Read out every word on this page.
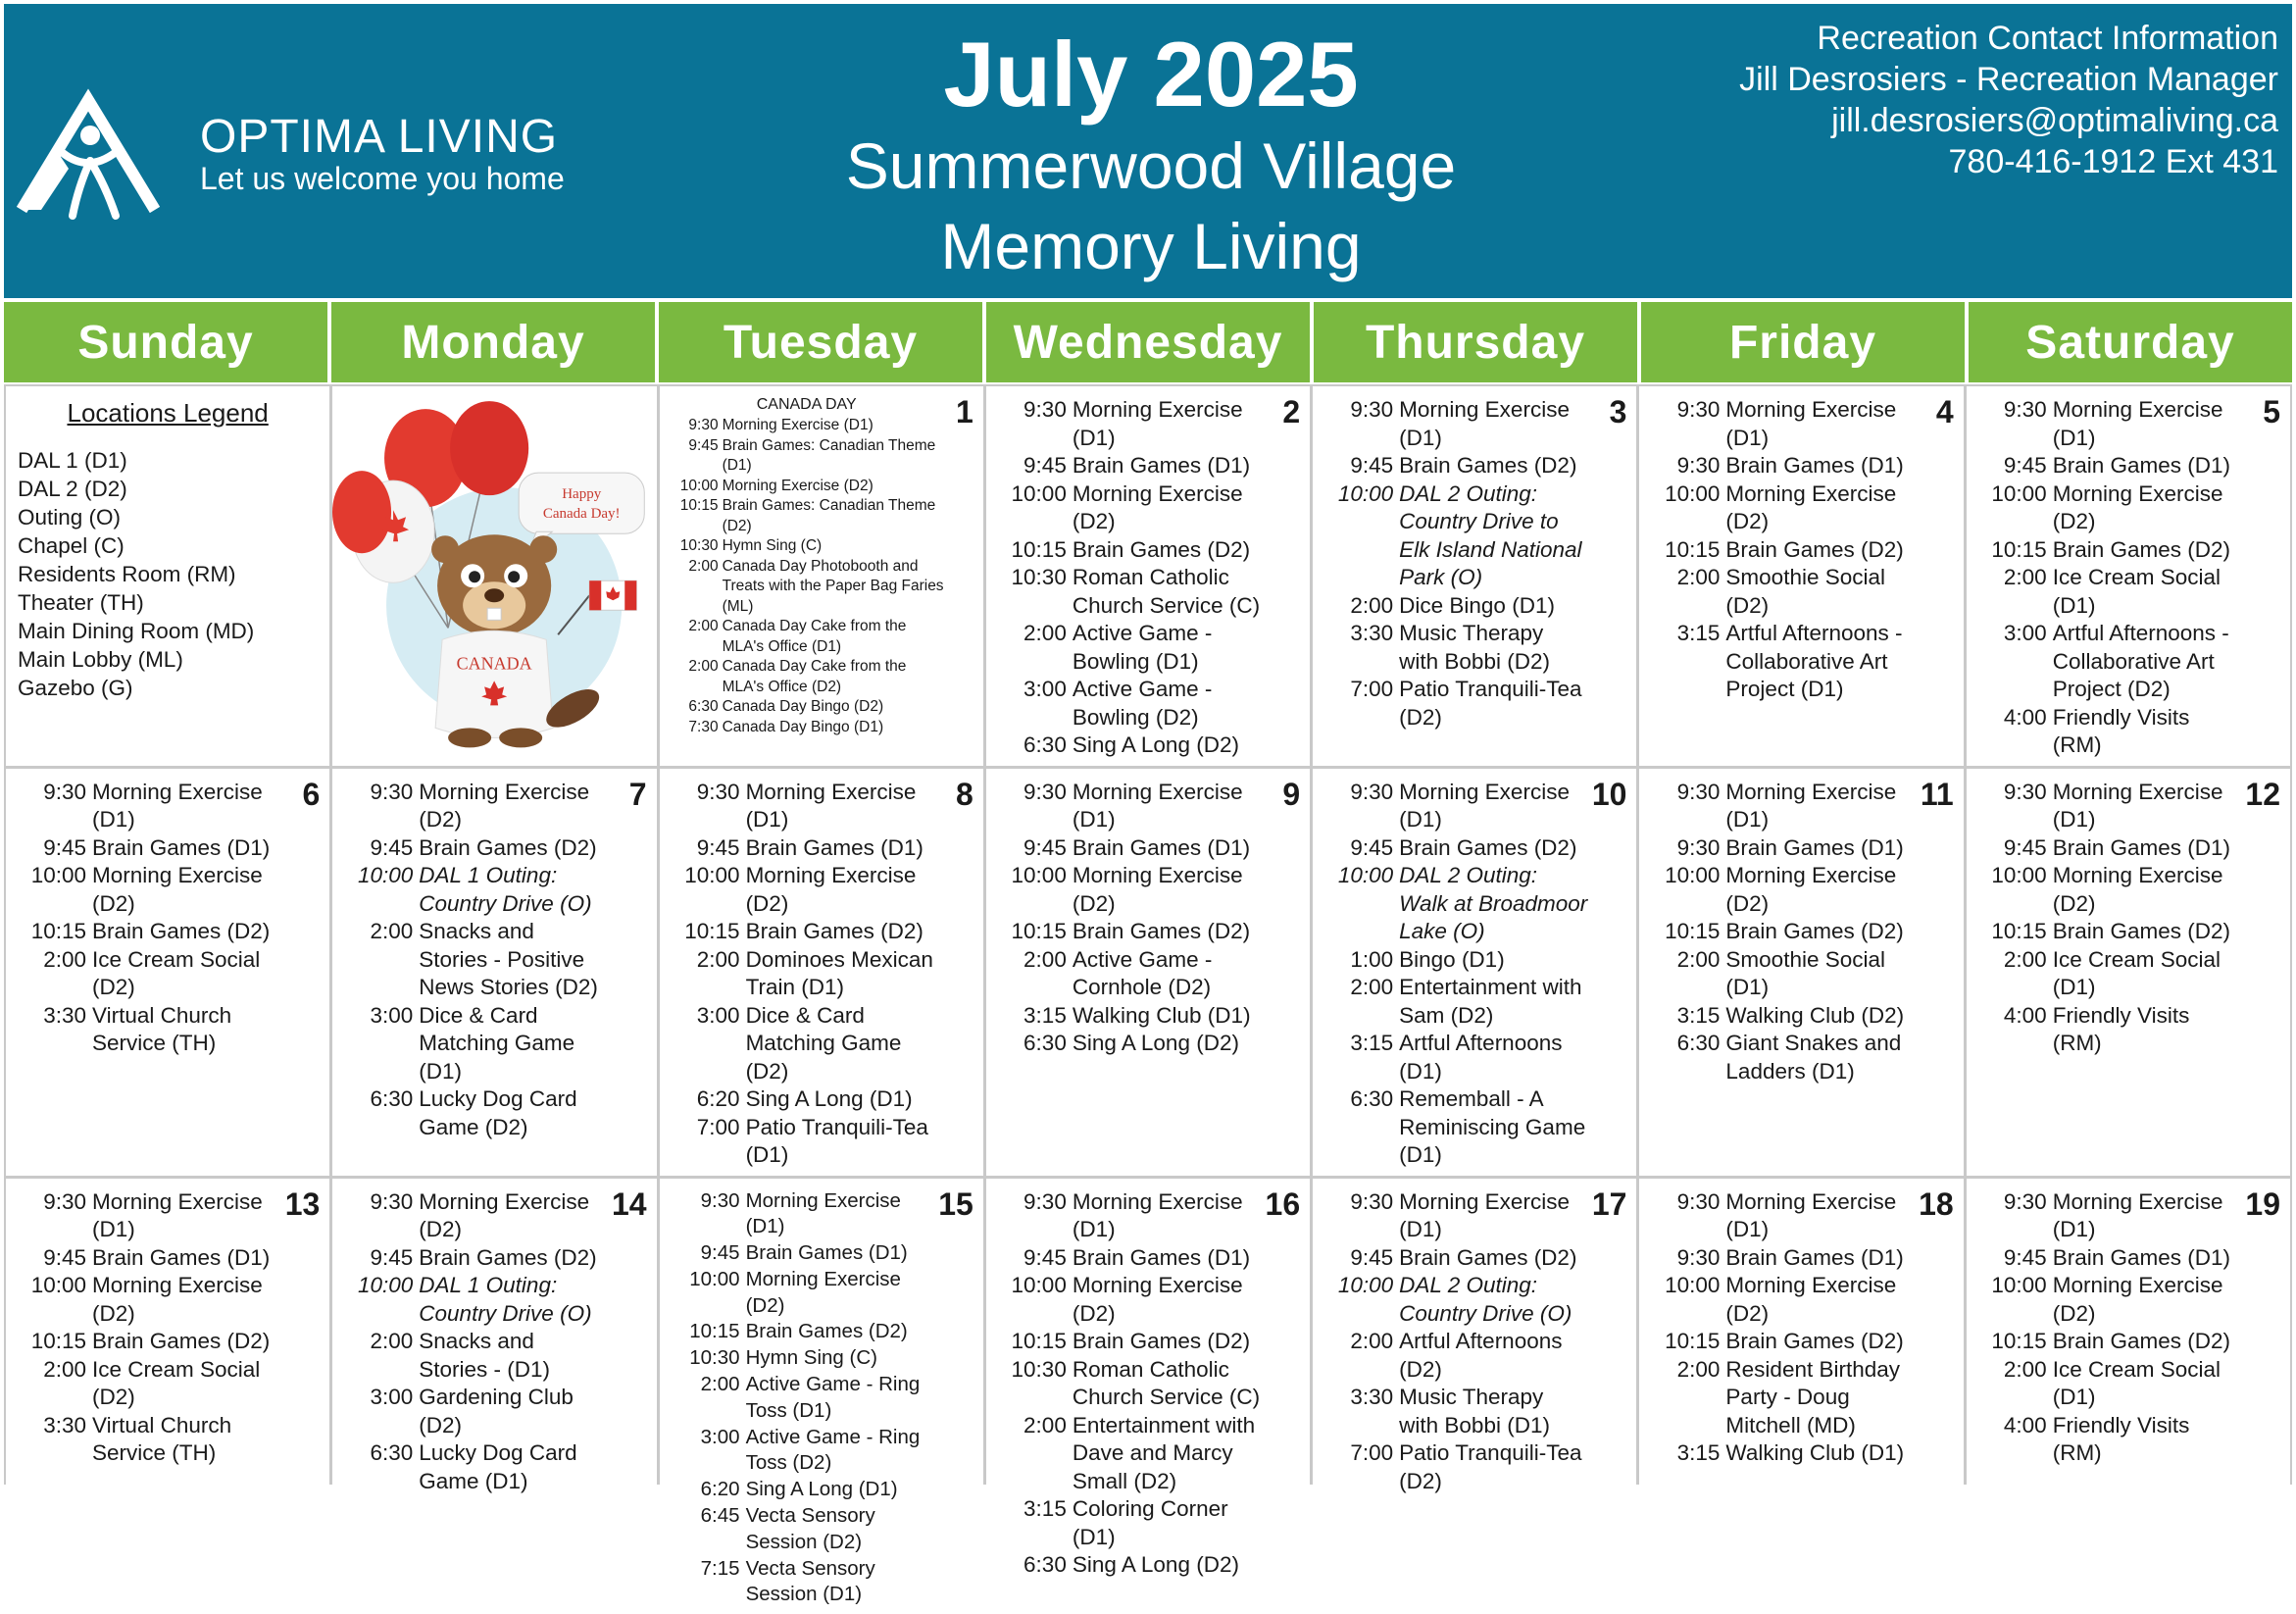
OPTIMA LIVING
Let us welcome you home
July 2025
Summerwood Village
Memory Living
Recreation Contact Information
Jill Desrosiers - Recreation Manager
jill.desrosiers@optimaliving.ca
780-416-1912 Ext 431
Sunday	Monday	Tuesday	Wednesday	Thursday	Friday	Saturday
Locations Legend
DAL 1 (D1)
DAL 2 (D2)
Outing (O)
Chapel (C)
Residents Room (RM)
Theater (TH)
Main Dining Room (MD)
Main Lobby (ML)
Gazebo (G)
Happy
Canada Day!
CANADA
1
CANADA DAY
9:30 Morning Exercise (D1)
9:45 Brain Games: Canadian Theme (D1)
10:00 Morning Exercise (D2)
10:15 Brain Games: Canadian Theme (D2)
10:30 Hymn Sing (C)
2:00 Canada Day Photobooth and Treats with the Paper Bag Faries (ML)
2:00 Canada Day Cake from the MLA's Office (D1)
2:00 Canada Day Cake from the MLA's Office (D2)
6:30 Canada Day Bingo (D2)
7:30 Canada Day Bingo (D1)
2
9:30 Morning Exercise (D1)
9:45 Brain Games (D1)
10:00 Morning Exercise (D2)
10:15 Brain Games (D2)
10:30 Roman Catholic Church Service (C)
2:00 Active Game - Bowling (D1)
3:00 Active Game - Bowling (D2)
6:30 Sing A Long (D2)
3
9:30 Morning Exercise (D1)
9:45 Brain Games (D2)
10:00 DAL 2 Outing: Country Drive to Elk Island National Park (O)
2:00 Dice Bingo (D1)
3:30 Music Therapy with Bobbi (D2)
7:00 Patio Tranquili-Tea (D2)
4
9:30 Morning Exercise (D1)
9:30 Brain Games (D1)
10:00 Morning Exercise (D2)
10:15 Brain Games (D2)
2:00 Smoothie Social (D2)
3:15 Artful Afternoons - Collaborative Art Project (D1)
5
9:30 Morning Exercise (D1)
9:45 Brain Games (D1)
10:00 Morning Exercise (D2)
10:15 Brain Games (D2)
2:00 Ice Cream Social (D1)
3:00 Artful Afternoons - Collaborative Art Project (D2)
4:00 Friendly Visits (RM)
6
9:30 Morning Exercise (D1)
9:45 Brain Games (D1)
10:00 Morning Exercise (D2)
10:15 Brain Games (D2)
2:00 Ice Cream Social (D2)
3:30 Virtual Church Service (TH)
7
9:30 Morning Exercise (D2)
9:45 Brain Games (D2)
10:00 DAL 1 Outing: Country Drive (O)
2:00 Snacks and Stories - Positive News Stories (D2)
3:00 Dice & Card Matching Game (D1)
6:30 Lucky Dog Card Game (D2)
8
9:30 Morning Exercise (D1)
9:45 Brain Games (D1)
10:00 Morning Exercise (D2)
10:15 Brain Games (D2)
2:00 Dominoes Mexican Train (D1)
3:00 Dice & Card Matching Game (D2)
6:20 Sing A Long (D1)
7:00 Patio Tranquili-Tea (D1)
9
9:30 Morning Exercise (D1)
9:45 Brain Games (D1)
10:00 Morning Exercise (D2)
10:15 Brain Games (D2)
2:00 Active Game - Cornhole (D2)
3:15 Walking Club (D1)
6:30 Sing A Long (D2)
10
9:30 Morning Exercise (D1)
9:45 Brain Games (D2)
10:00 DAL 2 Outing: Walk at Broadmoor Lake (O)
1:00 Bingo (D1)
2:00 Entertainment with Sam (D2)
3:15 Artful Afternoons (D1)
6:30 Rememball - A Reminiscing Game (D1)
11
9:30 Morning Exercise (D1)
9:30 Brain Games (D1)
10:00 Morning Exercise (D2)
10:15 Brain Games (D2)
2:00 Smoothie Social (D1)
3:15 Walking Club (D2)
6:30 Giant Snakes and Ladders (D1)
12
9:30 Morning Exercise (D1)
9:45 Brain Games (D1)
10:00 Morning Exercise (D2)
10:15 Brain Games (D2)
2:00 Ice Cream Social (D1)
4:00 Friendly Visits (RM)
13
9:30 Morning Exercise (D1)
9:45 Brain Games (D1)
10:00 Morning Exercise (D2)
10:15 Brain Games (D2)
2:00 Ice Cream Social (D2)
3:30 Virtual Church Service (TH)
14
9:30 Morning Exercise (D2)
9:45 Brain Games (D2)
10:00 DAL 1 Outing: Country Drive (O)
2:00 Snacks and Stories - (D1)
3:00 Gardening Club (D2)
6:30 Lucky Dog Card Game (D1)
15
9:30 Morning Exercise (D1)
9:45 Brain Games (D1)
10:00 Morning Exercise (D2)
10:15 Brain Games (D2)
10:30 Hymn Sing (C)
2:00 Active Game - Ring Toss (D1)
3:00 Active Game - Ring Toss (D2)
6:20 Sing A Long (D1)
6:45 Vecta Sensory Session (D2)
7:15 Vecta Sensory Session (D1)
16
9:30 Morning Exercise (D1)
9:45 Brain Games (D1)
10:00 Morning Exercise (D2)
10:15 Brain Games (D2)
10:30 Roman Catholic Church Service (C)
2:00 Entertainment with Dave and Marcy Small (D2)
3:15 Coloring Corner (D1)
6:30 Sing A Long (D2)
17
9:30 Morning Exercise (D1)
9:45 Brain Games (D2)
10:00 DAL 2 Outing: Country Drive (O)
2:00 Artful Afternoons (D2)
3:30 Music Therapy with Bobbi (D1)
7:00 Patio Tranquili-Tea (D2)
18
9:30 Morning Exercise (D1)
9:30 Brain Games (D1)
10:00 Morning Exercise (D2)
10:15 Brain Games (D2)
2:00 Resident Birthday Party - Doug Mitchell (MD)
3:15 Walking Club (D1)
19
9:30 Morning Exercise (D1)
9:45 Brain Games (D1)
10:00 Morning Exercise (D2)
10:15 Brain Games (D2)
2:00 Ice Cream Social (D1)
4:00 Friendly Visits (RM)
